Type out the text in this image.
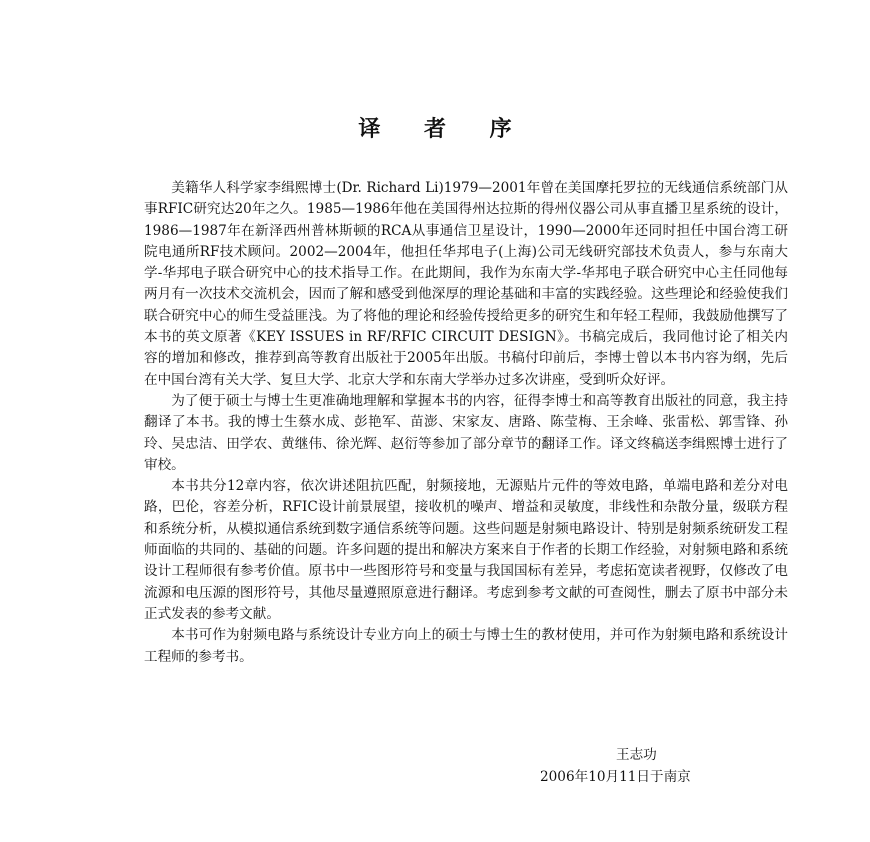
译 者 序

美籍华人科学家李缉熙博士(Dr. Richard Li)1979—2001年曾在美国摩托罗拉的无线通信系统部门从事RFIC研究达20年之久。1985—1986年他在美国得州达拉斯的得州仪器公司从事直播卫星系统的设计，1986—1987年在新泽西州普林斯顿的RCA从事通信卫星设计，1990—2000年还同时担任中国台湾工研院电通所RF技术顾问。2002—2004年，他担任华邦电子(上海)公司无线研究部技术负责人，参与东南大学-华邦电子联合研究中心的技术指导工作。在此期间，我作为东南大学-华邦电子联合研究中心主任同他每两月有一次技术交流机会，因而了解和感受到他深厚的理论基础和丰富的实践经验。这些理论和经验使我们联合研究中心的师生受益匪浅。为了将他的理论和经验传授给更多的研究生和年轻工程师，我鼓励他撰写了本书的英文原著《KEY ISSUES in RF/RFIC CIRCUIT DESIGN》。书稿完成后，我同他讨论了相关内容的增加和修改，推荐到高等教育出版社于2005年出版。书稿付印前后，李博士曾以本书内容为纲，先后在中国台湾有关大学、复旦大学、北京大学和东南大学举办过多次讲座，受到听众好评。

为了便于硕士与博士生更准确地理解和掌握本书的内容，征得李博士和高等教育出版社的同意，我主持翻译了本书。我的博士生蔡水成、彭艳军、苗澎、宋家友、唐路、陈莹梅、王余峰、张雷松、郭雪锋、孙玲、吴忠洁、田学农、黄继伟、徐光辉、赵衍等参加了部分章节的翻译工作。译文终稿送李缉熙博士进行了审校。

本书共分12章内容，依次讲述阻抗匹配，射频接地，无源贴片元件的等效电路，单端电路和差分对电路，巴伦，容差分析，RFIC设计前景展望，接收机的噪声、增益和灵敏度，非线性和杂散分量，级联方程和系统分析，从模拟通信系统到数字通信系统等问题。这些问题是射频电路设计、特别是射频系统研发工程师面临的共同的、基础的问题。许多问题的提出和解决方案来自于作者的长期工作经验，对射频电路和系统设计工程师很有参考价值。原书中一些图形符号和变量与我国国标有差异，考虑拓宽读者视野，仅修改了电流源和电压源的图形符号，其他尽量遵照原意进行翻译。考虑到参考文献的可查阅性，删去了原书中部分未正式发表的参考文献。

本书可作为射频电路与系统设计专业方向上的硕士与博士生的教材使用，并可作为射频电路和系统设计工程师的参考书。

王志功
2006年10月11日于南京
